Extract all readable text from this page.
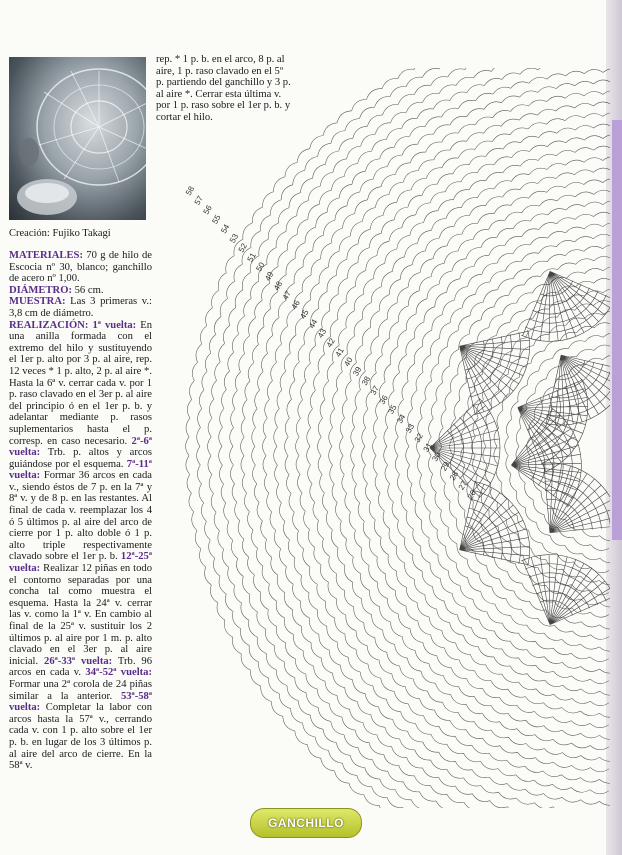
Creación: Fujiko Takagi

MATERIALES: 70 g de hilo de Escocia nº 30, blanco; ganchillo de acero nº 1,00.

DIÁMETRO: 56 cm.

MUESTRA: Las 3 primeras v.: 3,8 cm de diámetro.

REALIZACIÓN: 1ª vuelta: En una anilla formada con el extremo del hilo y sustituyendo el 1er p. alto por 3 p. al aire, rep. 12 veces * 1 p. alto, 2 p. al aire *. Hasta la 6ª v. cerrar cada v. por 1 p. raso clavado en el 3er p. al aire del principio ó en el 1er p. b. y adelantar mediante p. rasos suplementarios hasta el p. corresp. en caso necesario. 2ª-6ª vuelta: Trb. p. altos y arcos guiándose por el esquema. 7ª-11ª vuelta: Formar 36 arcos en cada v., siendo éstos de 7 p. en la 7ª y 8ª v. y de 8 p. en las restantes. Al final de cada v. reemplazar los 4 ó 5 últimos p. al aire del arco de cierre por 1 p. alto doble ó 1 p. alto triple respectivamente clavado sobre el 1er p. b. 12ª-25ª vuelta: Realizar 12 piñas en todo el contorno separadas por una concha tal como muestra el esquema. Hasta la 24ª v. cerrar las v. como la 1ª v. En cambio al final de la 25ª v. sustituir los 2 últimos p. al aire por 1 m. p. alto clavado en el 3er p. al aire inicial. 26ª-33ª vuelta: Trb. 96 arcos en cada v. 34ª-52ª vuelta: Formar una 2ª corola de 24 piñas similar a la anterior. 53ª-58ª vuelta: Completar la labor con arcos hasta la 57ª v., cerrando cada v. con 1 p. alto sobre el 1er p. b. en lugar de los 3 últimos p. al aire del arco de cierre. En la 58ª v.

rep. * 1 p. b. en el arco, 8 p. al aire, 1 p. raso clavado en el 5º p. partiendo del ganchillo y 3 p. al aire *. Cerrar esta última v. por 1 p. raso sobre el 1er p. b. y cortar el hilo.
58
57
56
55
54
53
52
51
50
49
48
47
46
45
44
43
42
41
40
39
38
37
36
35
34
33
32
31
30
29
28
27
26
GANCHILLO
